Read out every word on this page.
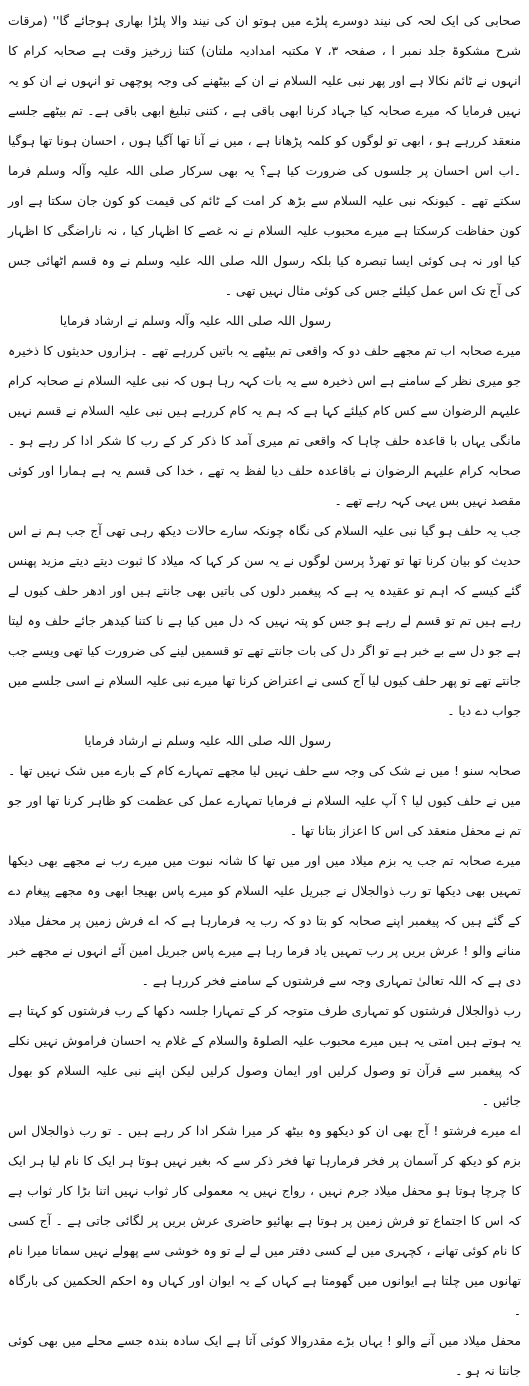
صحابی کی ایک لحہ کی نیند دوسرے پلڑے میں ہوتو ان کی نیند والا پلڑا بھاری ہوجائے گا'' (مرقات شرح مشکوۃ جلد نمبر ا ، صفحہ ۳، ۷ مکتبہ امدادیہ ملتان) کتنا زرخیز وقت ہے صحابہ کرام کا انہوں نے ٹائم نکالا ہے اور پھر نبی علیہ السلام نے ان کے بیٹھنے کی وجہ پوچھی تو انہوں نے ان کو یہ نہیں فرمایا کہ میرے صحابہ کیا جہاد کرنا ابھی باقی ہے ، کتنی تبلیغ ابھی باقی ہے۔ تم بیٹھے جلسے منعقد کررہے ہو ، ابھی تو لوگوں کو کلمہ پڑھانا ہے ، میں نے آنا تھا آگیا ہوں ، احسان ہونا تھا ہوگیا ۔اب اس احسان پر جلسوں کی ضرورت کیا ہے؟ یہ بھی سرکار صلی اللہ علیہ وآلہ وسلم فرما سکتے تھے ۔ کیونکہ نبی علیہ السلام سے بڑھ کر امت کے ٹائم کی قیمت کو کون جان سکتا ہے اور کون حفاظت کرسکتا ہے میرے محبوب علیہ السلام نے نہ غصے کا اظہار کیا ، نہ ناراضگی کا اظہار کیا اور نہ ہی کوئی ایسا تبصرہ کیا بلکہ رسول اللہ صلی اللہ علیہ وسلم نے وہ قسم اٹھائی جس کی آج تک اس عمل کیلئے جس کی کوئی مثال نہیں تھی ۔

رسول اللہ صلی اللہ علیہ وآلہ وسلم نے ارشاد فرمایا

میرے صحابہ اب تم مجھے حلف دو کہ واقعی تم بیٹھے یہ باتیں کررہے تھے ۔ ہزاروں حدیثوں کا ذخیرہ جو میری نظر کے سامنے ہے اس ذخیرہ سے یہ بات کہہ رہا ہوں کہ نبی علیہ السلام نے صحابہ کرام علیہم الرضوان سے کس کام کیلئے کہا ہے کہ ہم یہ کام کررہے ہیں نبی علیہ السلام نے قسم نہیں مانگی یہاں با قاعدہ حلف چاہا کہ واقعی تم میری آمد کا ذکر کر کے رب کا شکر ادا کر رہے ہو ۔ صحابہ کرام علیہم الرضوان نے باقاعدہ حلف دیا لفظ یہ تھے ، خدا کی قسم یہ ہے ہمارا اور کوئی مقصد نہیں بس یہی کہہ رہے تھے ۔

جب یہ حلف ہو گیا نبی علیہ السلام کی نگاہ چونکہ سارے حالات دیکھ رہی تھی آج جب ہم نے اس حدیث کو بیان کرنا تھا تو تھرڈ پرسن لوگوں نے یہ سن کر کہا کہ میلاد کا ثبوت دیتے دیتے مزید پھنس گئے کیسے کہ اہم تو عقیدہ یہ ہے کہ پیغمبر دلوں کی باتیں بھی جانتے ہیں اور ادھر حلف کیوں لے رہے ہیں تم تو قسم لے رہے ہو جس کو پتہ نہیں کہ دل میں کیا ہے نا کتنا کیدھر جائے حلف وہ لیتا ہے جو دل سے بے خبر ہے تو اگر دل کی بات جانتے تھے تو قسمیں لینے کی ضرورت کیا تھی ویسے جب جانتے تھے تو پھر حلف کیوں لیا آج کسی نے اعتراض کرنا تھا میرے نبی علیہ السلام نے اسی جلسے میں جواب دے دیا ۔

رسول اللہ صلی اللہ علیہ وسلم نے ارشاد فرمایا

صحابہ سنو ! میں نے شک کی وجہ سے حلف نہیں لیا مجھے تمہارے کام کے بارے میں شک نہیں تھا ۔ میں نے حلف کیوں لیا ؟ آپ علیہ السلام نے فرمایا تمہارے عمل کی عظمت کو ظاہر کرنا تھا اور جو تم نے محفل منعقد کی اس کا اعزاز بتانا تھا ۔

میرے صحابہ تم جب یہ بزم میلاد میں اور میں تھا کا شانہ نبوت میں میرے رب نے مجھے بھی دیکھا تمہیں بھی دیکھا تو رب ذوالجلال نے جبریل علیہ السلام کو میرے پاس بھیجا ابھی وہ مجھے پیغام دے کے گئے ہیں کہ پیغمبر اپنے صحابہ کو بتا دو کہ رب یہ فرمارہا ہے کہ اے فرش زمین پر محفل میلاد منانے والو ! عرش بریں پر رب تمہیں یاد فرما رہا ہے میرے پاس جبریل امین آئے انہوں نے مجھے خبر دی ہے کہ اللہ تعالیٰ تمہاری وجہ سے فرشتوں کے سامنے فخر کررہا ہے ۔

رب ذوالجلال فرشتوں کو تمہاری طرف متوجہ کر کے تمہارا جلسہ دکھا کے رب فرشتوں کو کہتا ہے یہ ہوتے ہیں امتی یہ ہیں میرے محبوب علیہ الصلوۃ والسلام کے غلام یہ احسان فراموش نہیں نکلے کہ پیغمبر سے قرآن تو وصول کرلیں اور ایمان وصول کرلیں لیکن اپنے نبی علیہ السلام کو بھول جائیں ۔

اے میرے فرشتو ! آج بھی ان کو دیکھو وہ بیٹھ کر میرا شکر ادا کر رہے ہیں ۔ تو رب ذوالجلال اس بزم کو دیکھ کر آسمان پر فخر فرمارہا تھا فخر ذکر سے کہ بغیر نہیں ہوتا ہر ایک کا نام لیا ہر ایک کا چرچا ہوتا ہو محفل میلاد جرم نہیں ، رواج نہیں یہ معمولی کار ثواب نہیں اتنا بڑا کار ثواب ہے کہ اس کا اجتماع تو فرش زمین پر ہوتا ہے بھائیو حاضری عرش بریں پر لگائی جاتی ہے ۔ آج کسی کا نام کوئی تھانے ، کچہری میں لے کسی دفتر میں لے لے تو وہ خوشی سے پھولے نہیں سماتا میرا نام تھانوں میں چلتا ہے ایوانوں میں گھومتا ہے کہاں کے یہ ایوان اور کہاں وہ احکم الحکمین کی بارگاہ ۔

محفل میلاد میں آنے والو ! یہاں بڑے مقدروالا کوئی آتا ہے ایک سادہ بندہ جسے محلے میں بھی کوئی جانتا نہ ہو ۔
